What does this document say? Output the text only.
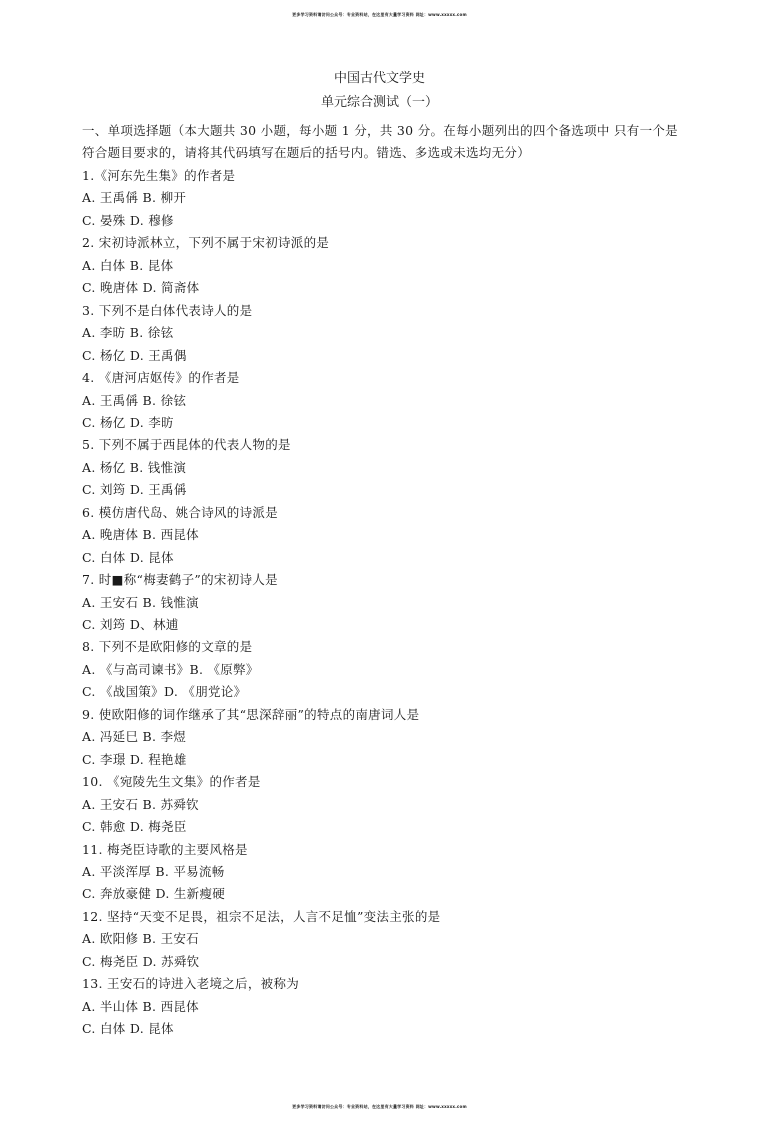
更多学习资料请访问公众号：专业资料站，在这里有大量学习资料 网址：www.xxxxx.com
中国古代文学史
单元综合测试（一）
一、单项选择题（本大题共 30 小题，每小题 1 分，共 30 分。在每小题列出的四个备选项中 只有一个是符合题目要求的，请将其代码填写在题后的括号内。错选、多选或未选均无分）
1.《河东先生集》的作者是
A. 王禹偁 B. 柳开
C. 晏殊 D. 穆修
2. 宋初诗派林立，下列不属于宋初诗派的是
A. 白体 B. 昆体
C. 晚唐体 D. 简斋体
3. 下列不是白体代表诗人的是
A. 李昉 B. 徐铉
C. 杨亿 D. 王禹偶
4. 《唐河店妪传》的作者是
A. 王禹偁 B. 徐铉
C. 杨亿 D. 李昉
5. 下列不属于西昆体的代表人物的是
A. 杨亿 B. 钱惟演
C. 刘筠 D. 王禹偁
6. 模仿唐代岛、姚合诗风的诗派是
A. 晚唐体 B. 西昆体
C. 白体 D. 昆体
7. 时■称“梅妻鹤子”的宋初诗人是
A. 王安石 B. 钱惟演
C. 刘筠 D、林逋
8. 下列不是欧阳修的文章的是
A. 《与高司谏书》B. 《原弊》
C. 《战国策》D. 《朋党论》
9. 使欧阳修的词作继承了其“思深辞丽”的特点的南唐词人是
A. 冯延巳 B. 李煜
C. 李璟 D. 程艳雄
10. 《宛陵先生文集》的作者是
A. 王安石 B. 苏舜钦
C. 韩愈 D. 梅尧臣
11. 梅尧臣诗歌的主要风格是
A. 平淡浑厚 B. 平易流畅
C. 奔放豪健 D. 生新瘦硬
12. 坚持“天变不足畏，祖宗不足法，人言不足恤”变法主张的是
A. 欧阳修 B. 王安石
C. 梅尧臣 D. 苏舜钦
13. 王安石的诗进入老境之后，被称为
A. 半山体 B. 西昆体
C. 白体 D. 昆体
更多学习资料请访问公众号：专业资料站，在这里有大量学习资料 网址：www.xxxxx.com
